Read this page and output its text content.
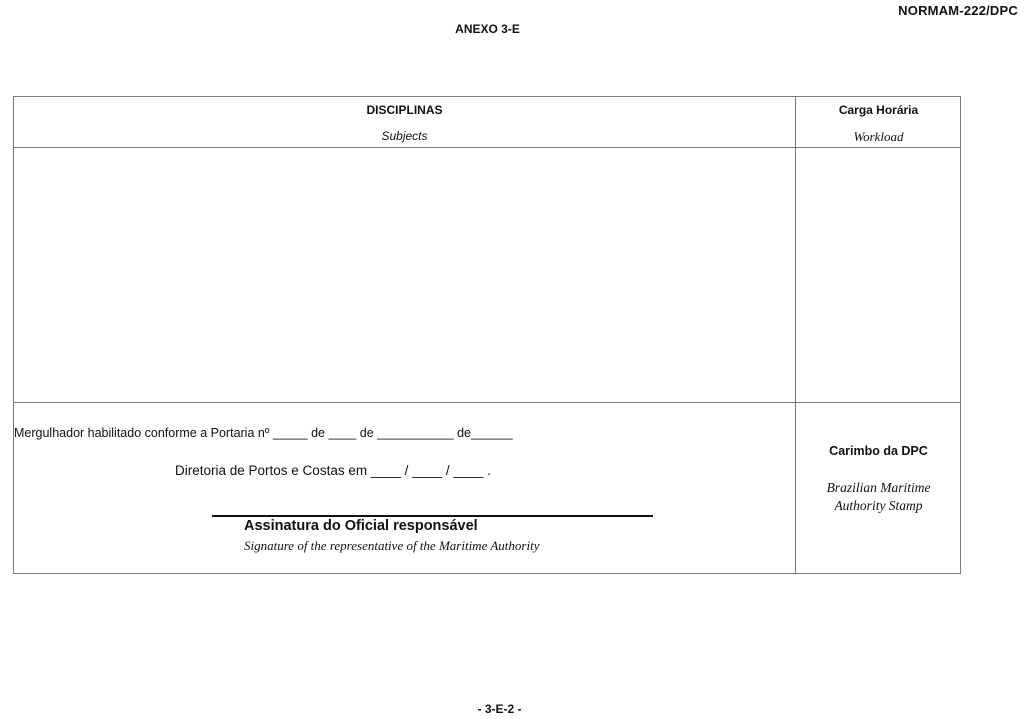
NORMAM-222/DPC
ANEXO 3-E
DISCIPLINAS
Subjects
Carga Horária
Workload
Mergulhador habilitado conforme a Portaria nº _____ de ____ de ___________ de______
Diretoria de Portos e Costas em ____ / ____ / ____ .
Assinatura do Oficial responsável
Signature of the representative of the Maritime Authority
Carimbo da DPC
Brazilian Maritime Authority Stamp
- 3-E-2 -
